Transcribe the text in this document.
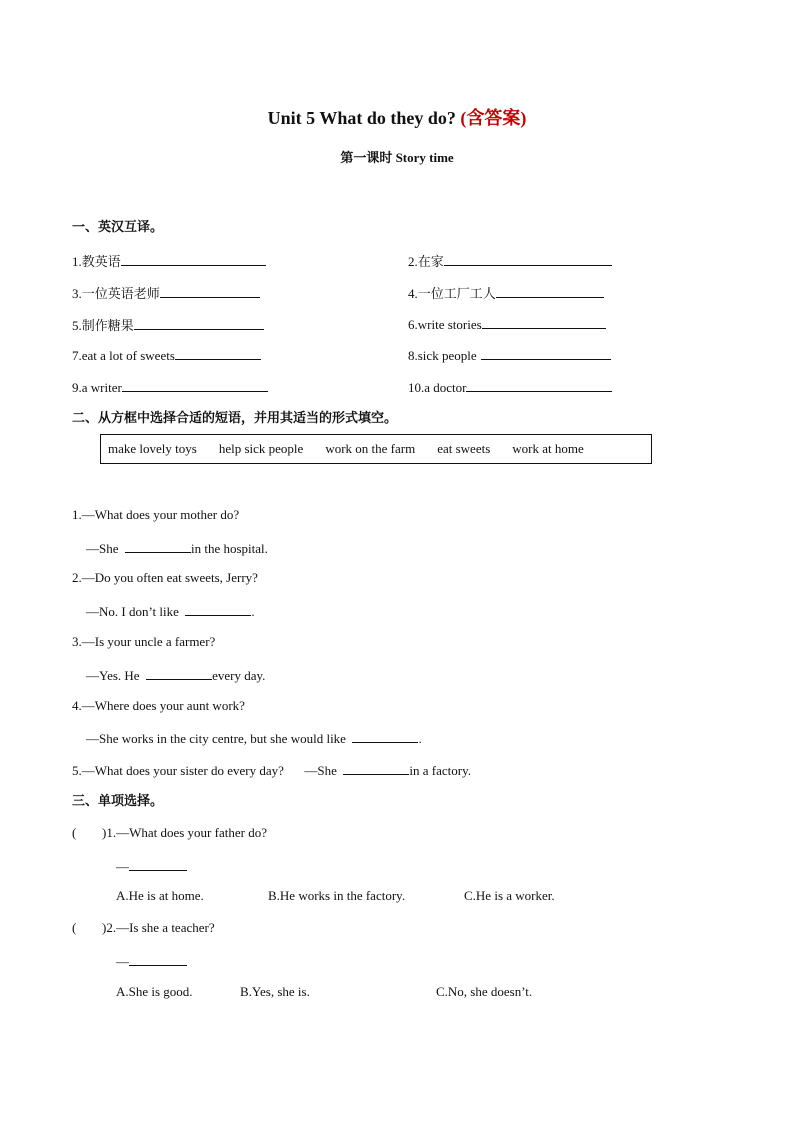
Unit 5 What do they do? (含答案)
第一课时 Story time
一、英汉互译。
1.教英语	2.在家
3.一位英语老师	4.一位工厂工人
5.制作糖果	6.write stories
7.eat a lot of sweets	8.sick people
9.a writer	10.a doctor
二、从方框中选择合适的短语，并用其适当的形式填空。
make lovely toys help sick people work on the farm eat sweets work at home
1.—What does your mother do?
—She	in the hospital.
2.—Do you often eat sweets, Jerry?
—No. I don’t like	.
3.—Is your uncle a farmer?
—Yes. He	every day.
4.—Where does your aunt work?
—She works in the city centre, but she would like	.
5.—What does your sister do every day? —She	in a factory.
三、单项选择。
( )1.—What does your father do?
—
A.He is at home.	B.He works in the factory.	C.He is a worker.
( )2.—Is she a teacher?
—
A.She is good.	B.Yes, she is.	C.No, she doesn’t.
